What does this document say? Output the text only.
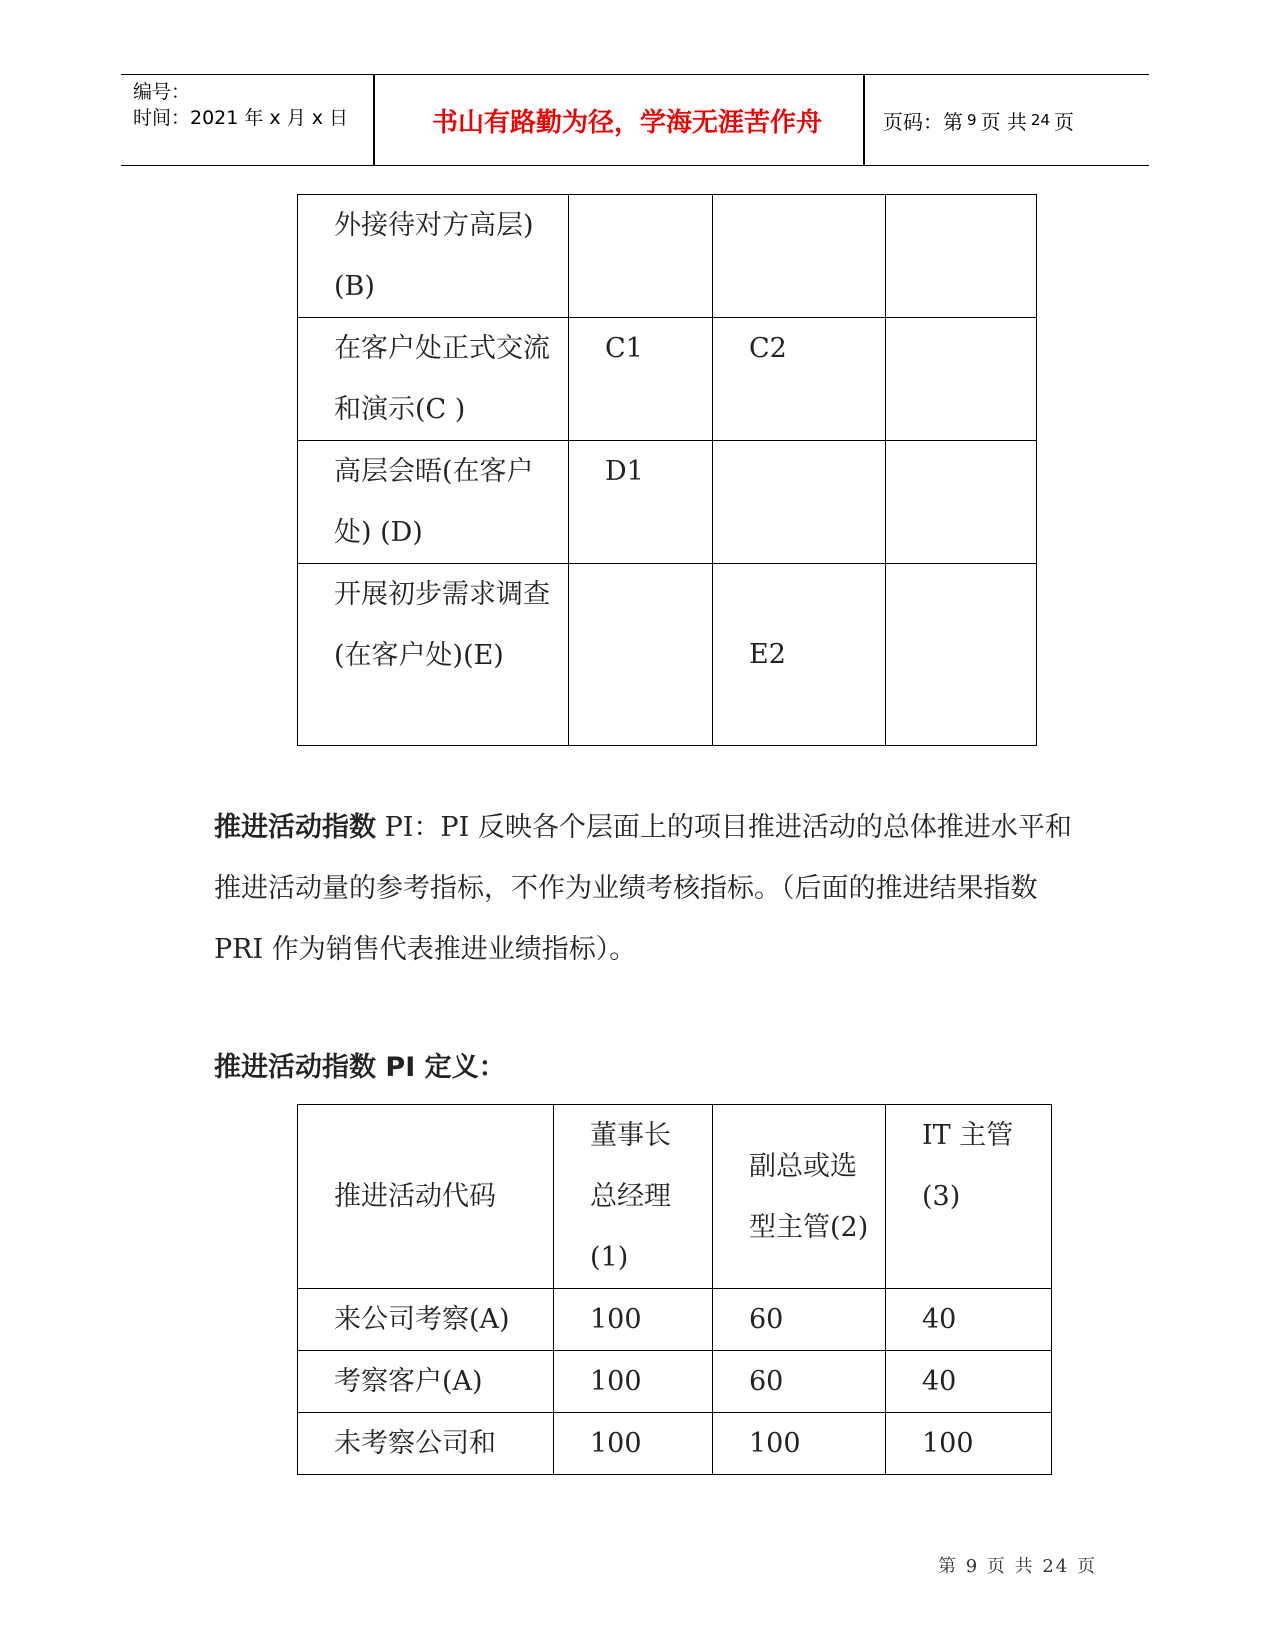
编号：
时间：2021 年 x 月 x 日	书山有路勤为径，学海无涯苦作舟	页码：第 9 页 共 24 页
外接待对方高层)(B)			

在客户处正式交流和演示(C )	C1	C2	

高层会晤(在客户处) (D)	D1		

开展初步需求调查(在客户处)(E)		E2	

推进活动指数 PI：PI 反映各个层面上的项目推进活动的总体推进水平和推进活动量的参考指标，不作为业绩考核指标。（后面的推进结果指数 PRI 作为销售代表推进业绩指标）。
推进活动指数 PI 定义：
推进活动代码	董事长总经理(1)	副总或选型主管(2)	IT 主管(3)

来公司考察(A)	100	60	40

考察客户(A)	100	60	40

未考察公司和	100	100	100
第 9 页 共 24 页
